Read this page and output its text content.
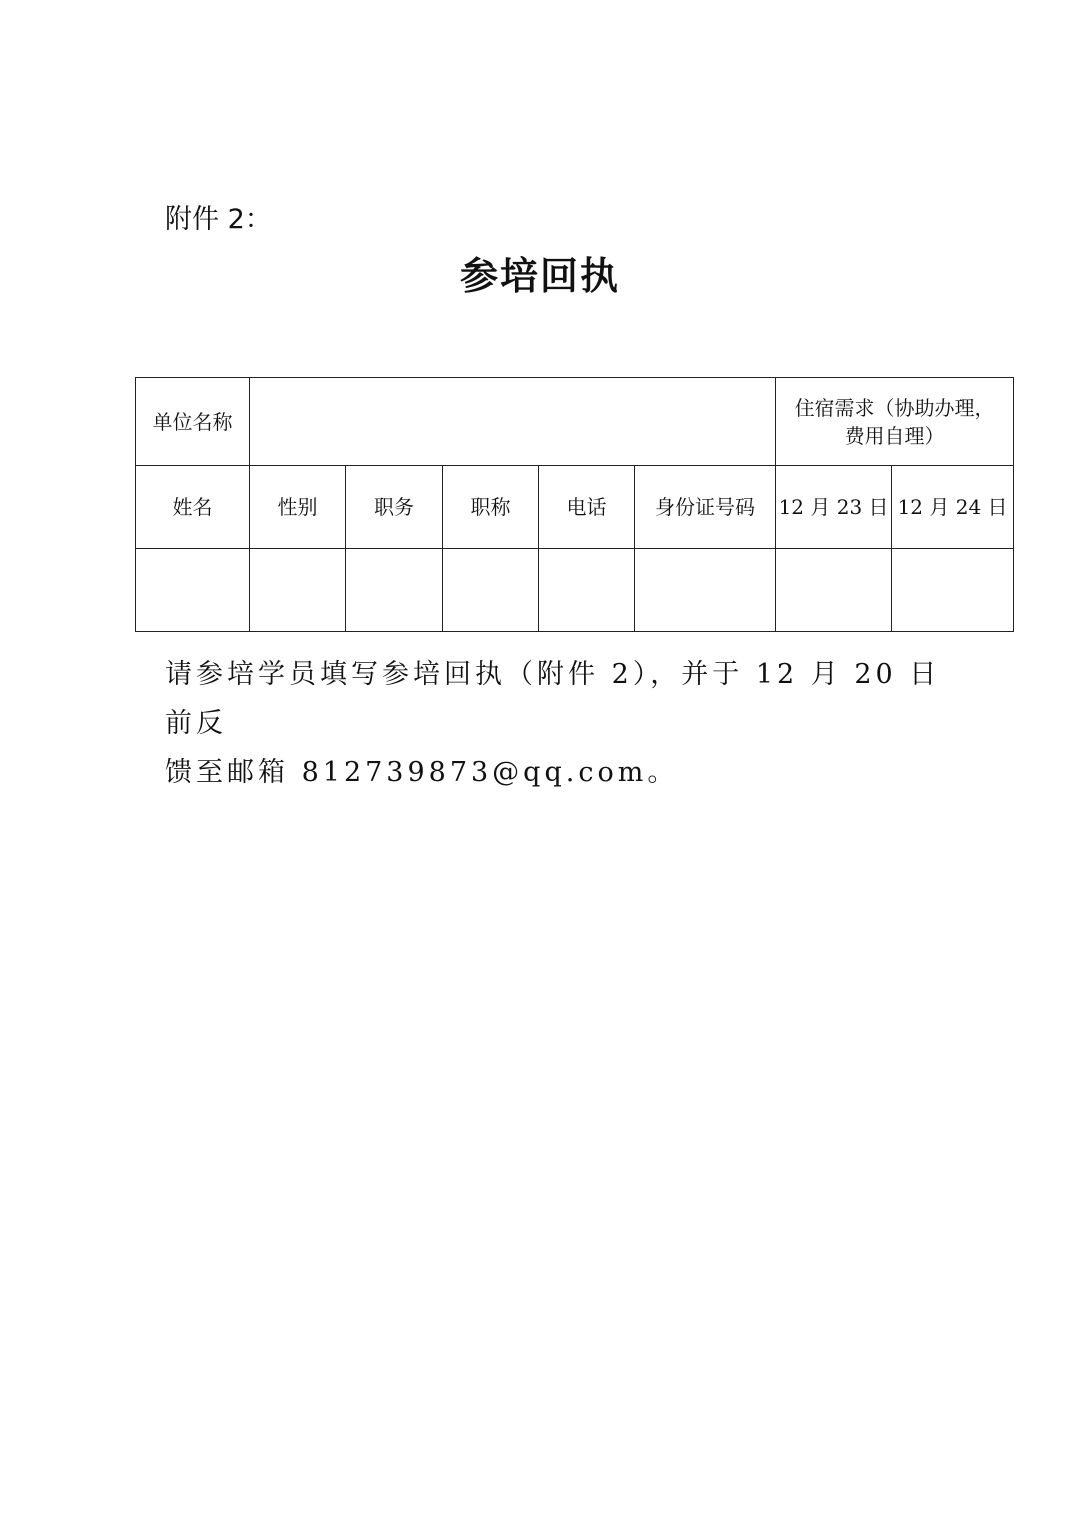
附件 2：
参培回执
单位名称						住宿需求（协助办理，
费用自理）	

姓名	性别	职务	职称	电话	身份证号码	12 月 23 日	12 月 24 日

请参培学员填写参培回执（附件 2），并于 12 月 20 日前反
馈至邮箱 812739873@qq.com。
